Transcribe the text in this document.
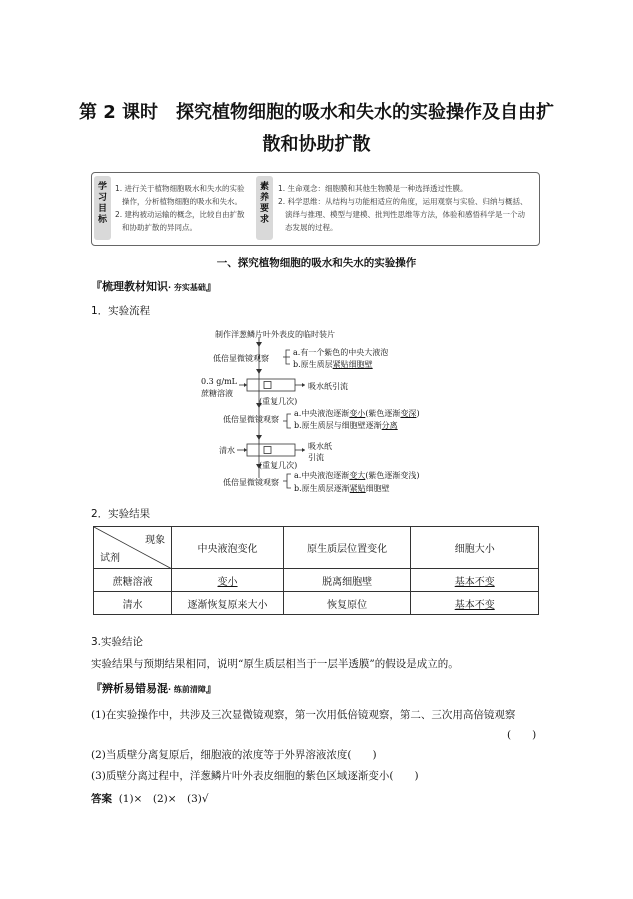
第 2 课时　探究植物细胞的吸水和失水的实验操作及自由扩
散和协助扩散
学习目标
1. 进行关于植物细胞吸水和失水的实验
操作，分析植物细胞的吸水和失水。
2. 建构被动运输的概念，比较自由扩散
和协助扩散的异同点。
素养要求
1. 生命观念：细胞膜和其他生物膜是一种选择透过性膜。
2. 科学思维：从结构与功能相适应的角度，运用观察与实验、归纳与概括、
演绎与推理、模型与建模、批判性思维等方法，体验和感悟科学是一个动
态发展的过程。
一、探究植物细胞的吸水和失水的实验操作
『梳理教材知识· 夯实基础』
1．实验流程
制作洋葱鳞片叶外表皮的临时装片
低倍显微镜观察
a.有一个紫色的中央大液泡
b.原生质层紧贴细胞壁
0.3 g/mL
蔗糖溶液
吸水纸引流
(重复几次)
低倍显微镜观察
a.中央液泡逐渐变小(紫色逐渐变深)
b.原生质层与细胞壁逐渐分离
清水	吸水纸
引流
(重复几次)
低倍显微镜观察
a.中央液泡逐渐变大(紫色逐渐变浅)
b.原生质层逐渐紧贴细胞壁
2．实验结果
现象
试剂	中央液泡变化	原生质层位置变化	细胞大小
蔗糖溶液	变小	脱离细胞壁	基本不变
清水	逐渐恢复原来大小	恢复原位	基本不变
3.实验结论
实验结果与预期结果相同，说明“原生质层相当于一层半透膜”的假设是成立的。
『辨析易错易混· 练前清障』
(1)在实验操作中，共涉及三次显微镜观察，第一次用低倍镜观察，第二、三次用高倍镜观察
(　　)
(2)当质壁分离复原后，细胞液的浓度等于外界溶液浓度(　　)
(3)质壁分离过程中，洋葱鳞片叶外表皮细胞的紫色区域逐渐变小(　　)
答案 (1)×　(2)×　(3)√
